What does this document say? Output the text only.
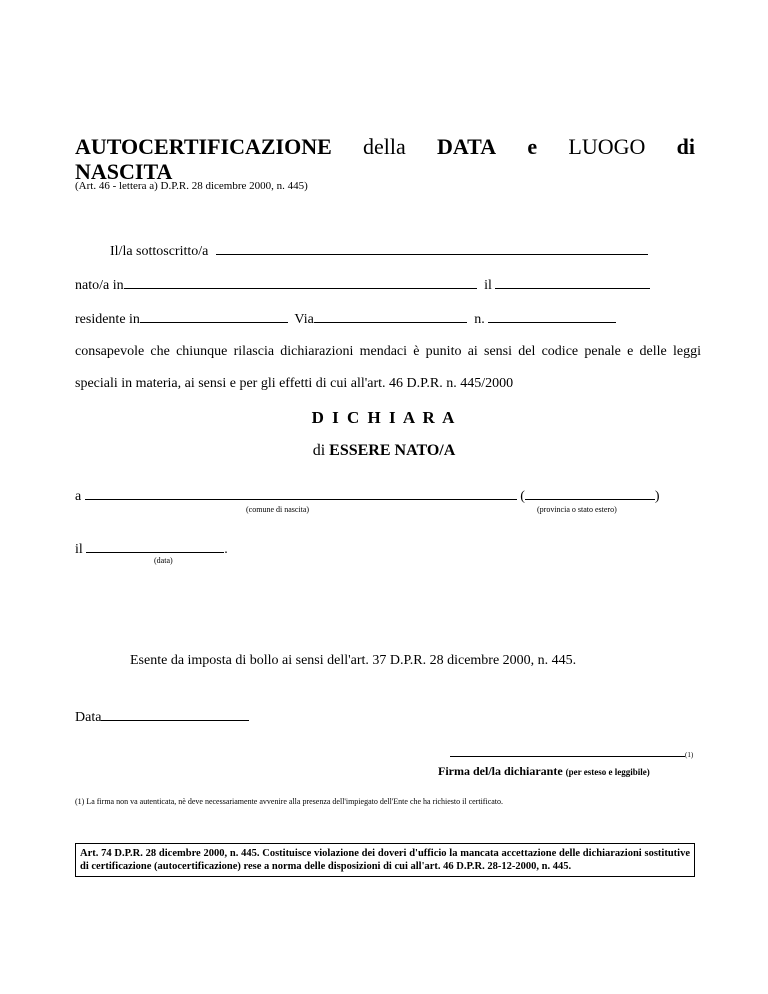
AUTOCERTIFICAZIONE della DATA e LUOGO di
NASCITA
(Art. 46 - lettera a) D.P.R. 28 dicembre 2000, n. 445)
Il/la sottoscritto/a
nato/a in	il
residente in	Via	n.
consapevole che chiunque rilascia dichiarazioni mendaci è punito ai sensi del codice penale e delle leggi
speciali in materia, ai sensi e per gli effetti di cui all'art. 46 D.P.R. n. 445/2000
D I C H I A R A
di ESSERE NATO/A
a	(	)
(comune di nascita)	(provincia o stato estero)
il	.
(data)
Esente da imposta di bollo ai sensi dell'art. 37 D.P.R. 28 dicembre 2000, n. 445.
Data
(1)
Firma del/la dichiarante (per esteso e leggibile)
(1) La firma non va autenticata, nè deve necessariamente avvenire alla presenza dell'impiegato dell'Ente che ha richiesto il certificato.
Art. 74 D.P.R. 28 dicembre 2000, n. 445. Costituisce violazione dei doveri d'ufficio la mancata accettazione delle dichiarazioni sostitutive di certificazione (autocertificazione) rese a norma delle disposizioni di cui all'art. 46 D.P.R. 28-12-2000, n. 445.
